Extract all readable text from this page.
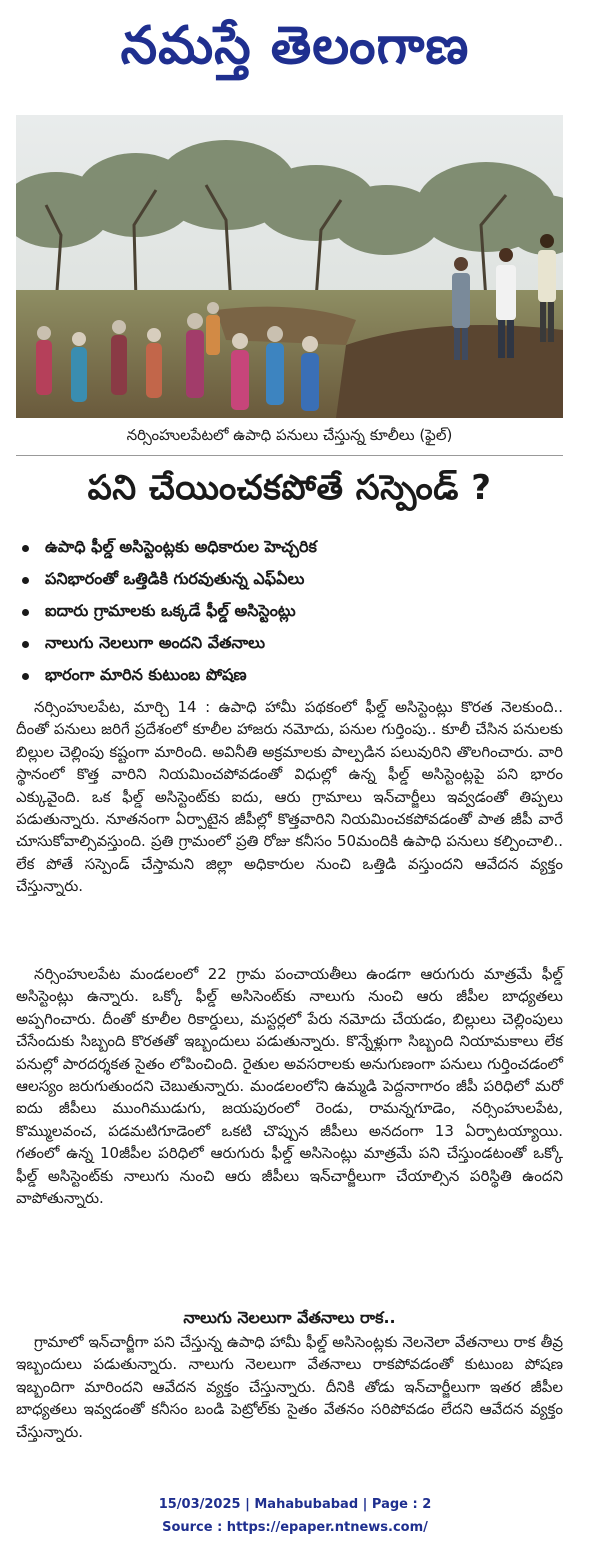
నమస్తే తెలంగాణ
నర్సింహులపేటలో ఉపాధి పనులు చేస్తున్న కూలీలు (ఫైల్)
పని చేయించకపోతే సస్పెండ్ ?
ఉపాధి ఫీల్డ్ అసిస్టెంట్లకు అధికారుల హెచ్చరిక
పనిభారంతో ఒత్తిడికి గురవుతున్న ఎఫ్ఏలు
ఐదారు గ్రామాలకు ఒక్కడే ఫీల్డ్ అసిస్టెంట్లు
నాలుగు నెలలుగా అందని వేతనాలు
భారంగా మారిన కుటుంబ పోషణ

నర్సింహులపేట, మార్చి 14 : ఉపాధి హామీ పథకంలో ఫీల్డ్ అసిస్టెంట్లు కొరత నెలకుంది.. దీంతో పనులు జరిగే ప్రదేశంలో కూలీల హాజరు నమోదు, పనుల గుర్తింపు.. కూలీ చేసిన పనులకు బిల్లుల చెల్లింపు కష్టంగా మారింది. అవినీతి అక్రమాలకు పాల్పడిన పలువురిని తొలగించారు. వారి స్థానంలో కొత్త వారిని నియమించపోవడంతో విధుల్లో ఉన్న ఫీల్డ్ అసిస్టెంట్లపై పని భారం ఎక్కువైంది. ఒక ఫీల్డ్ అసిస్టెంట్‌కు ఐదు, ఆరు గ్రామాలు ఇన్‌చార్జీలు ఇవ్వడంతో తిప్పలు పడుతున్నారు. నూతనంగా ఏర్పాటైన జీపీల్లో కొత్తవారిని నియమించకపోవడంతో పాత జీపీ వారే చూసుకోవాల్సివస్తుంది. ప్రతి గ్రామంలో ప్రతి రోజు కనీసం 50మందికి ఉపాధి పనులు కల్పించాలి.. లేక పోతే సస్పెండ్ చేస్తామని జిల్లా అధికారుల నుంచి ఒత్తిడి వస్తుందని ఆవేదన వ్యక్తం చేస్తున్నారు.

నర్సింహులపేట మండలంలో 22 గ్రామ పంచాయతీలు ఉండగా ఆరుగురు మాత్రమే ఫీల్డ్ అసిస్టెంట్లు ఉన్నారు. ఒక్కో ఫీల్డ్ అసిసెంట్‌కు నాలుగు నుంచి ఆరు జీపీల బాధ్యతలు అప్పగించారు. దీంతో కూలీల రికార్డులు, మస్టర్లలో పేరు నమోదు చేయడం, బిల్లులు చెల్లింపులు చేసేందుకు సిబ్బంది కొరతతో ఇబ్బందులు పడుతున్నారు. కొన్నేళ్లుగా సిబ్బంది నియామకాలు లేక పనుల్లో పారదర్శకత సైతం లోపించింది. రైతుల అవసరాలకు అనుగుణంగా పనులు గుర్తించడంలో ఆలస్యం జరుగుతుందని చెబుతున్నారు. మండలంలోని ఉమ్మడి పెద్దనాగారం జీపీ పరిధిలో మరో ఐదు జీపీలు ముంగిముడుగు, జయపురంలో రెండు, రామన్నగూడెం, నర్సింహులపేట, కొమ్ములవంచ, పడమటిగూడెంలో ఒకటి చొప్పున జీపీలు అనదంగా 13 ఏర్పాటయ్యాయి. గతంలో ఉన్న 10జీపీల పరిధిలో ఆరుగురు ఫీల్డ్ అసిసెంట్లు మాత్రమే పని చేస్తుండటంతో ఒక్కో ఫీల్డ్ అసిస్టెంట్‌కు నాలుగు నుంచి ఆరు జీపీలు ఇన్‌చార్జీలుగా చేయాల్సిన పరిస్థితి ఉందని వాపోతున్నారు.

నాలుగు నెలలుగా వేతనాలు రాక..

గ్రామాలో ఇన్‌చార్జీగా పని చేస్తున్న ఉపాధి హామీ ఫీల్డ్ అసిసెంట్లకు నెలనెలా వేతనాలు రాక తీవ్ర ఇబ్బందులు పడుతున్నారు. నాలుగు నెలలుగా వేతనాలు రాకపోవడంతో కుటుంబ పోషణ ఇబ్బందిగా మారిందని ఆవేదన వ్యక్తం చేస్తున్నారు. దీనికి తోడు ఇన్‌చార్జీలుగా ఇతర జీపీల బాధ్యతలు ఇవ్వడంతో కనీసం బండి పెట్రోల్‌కు సైతం వేతనం సరిపోవడం లేదని ఆవేదన వ్యక్తం చేస్తున్నారు.

15/03/2025 | Mahabubabad | Page : 2
Source : https://epaper.ntnews.com/
